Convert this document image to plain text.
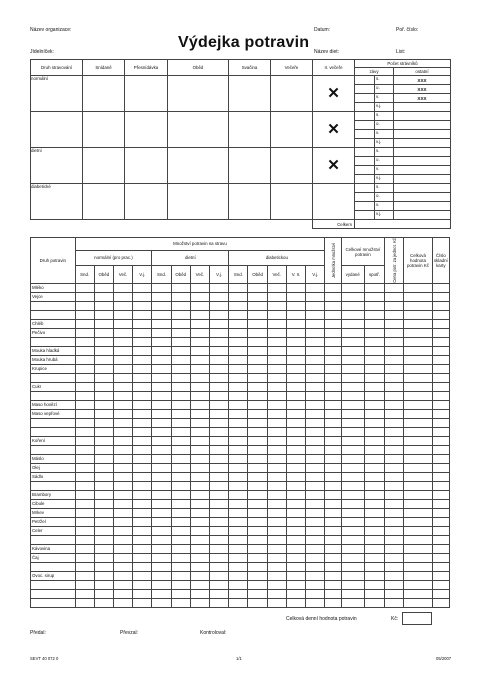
Název organizace:	Datum:	Poř. číslo:
Výdejka potravin
Jídelníček:	Název diet:	List:
Druh stravování	Snídaně	Přesnídávka	Oběd	Svačina	Večeře	II. večeře	Počet strávníků		
							závy		ostatní
normální						✕		s.	XXX
								o.	XXX
								v.	XXX
								v.j.	

						✕		s.	
								o.	
								v.	
								v.j.	
dietní						✕		s.	
								o.	
								v.	
								v.j.	
diabetické								s.	
								o.	
								v.	
								v.j.	
						Celkem			
Druh potravin	Množství potravin na stravu													Jednotka množství	Celkové množství potravin		Cena potr. za jednot. Kč	Celková hodnota potravin Kč	Číslo skladní karty
	normální (pro prac.)				dietní				diabetickou										
	Snd.	Oběd	Več.	V.j.	Snd.	Oběd	Več.	V.j.	Snd.	Oběd	Več.	V. II.	V.j.		vydané	spotř.			
Mléko																			
Vejce																			

Chléb																			
Pečivo																			

Mouka hladká																			
Mouka hrubá																			
Krupice																			

Cukr																			

Maso hovězí																			
Maso vepřové																			

Koření																			

Máslo																			
Olej																			
Sádlo																			

Brambory																			
Cibule																			
Mrkev																			
Petržel																			
Celer																			

Kávovina																			
Čaj																			

Ovoc. sirup																			

Celková denní hodnota potravin	Kč:
Předal:	Převzal:	Kontroloval:
SEVT 40 072 0	1/1	05/2007
